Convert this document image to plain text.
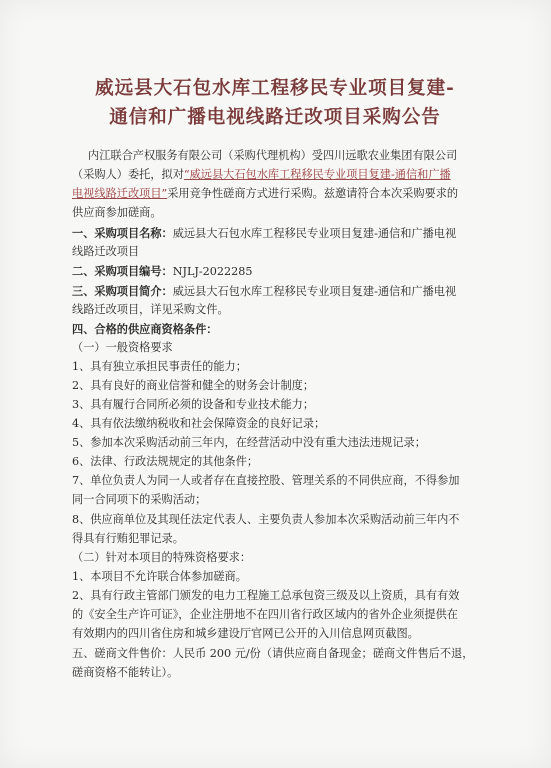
威远县大石包水库工程移民专业项目复建-
通信和广播电视线路迁改项目采购公告
内江联合产权服务有限公司（采购代理机构）受四川远歌农业集团有限公司
（采购人）委托，拟对“威远县大石包水库工程移民专业项目复建-通信和广播
电视线路迁改项目”采用竞争性磋商方式进行采购。兹邀请符合本次采购要求的
供应商参加磋商。
一、采购项目名称：威远县大石包水库工程移民专业项目复建-通信和广播电视
线路迁改项目
二、采购项目编号：NJLJ-2022285
三、采购项目简介：威远县大石包水库工程移民专业项目复建-通信和广播电视
线路迁改项目，详见采购文件。
四、合格的供应商资格条件：
（一）一般资格要求
1、具有独立承担民事责任的能力；
2、具有良好的商业信誉和健全的财务会计制度；
3、具有履行合同所必须的设备和专业技术能力；
4、具有依法缴纳税收和社会保障资金的良好记录；
5、参加本次采购活动前三年内，在经营活动中没有重大违法违规记录；
6、法律、行政法规规定的其他条件；
7、单位负责人为同一人或者存在直接控股、管理关系的不同供应商，不得参加
同一合同项下的采购活动；
8、供应商单位及其现任法定代表人、主要负责人参加本次采购活动前三年内不
得具有行贿犯罪记录。
（二）针对本项目的特殊资格要求：
1、本项目不允许联合体参加磋商。
2、具有行政主管部门颁发的电力工程施工总承包资三级及以上资质，具有有效
的《安全生产许可证》，企业注册地不在四川省行政区域内的省外企业须提供在
有效期内的四川省住房和城乡建设厅官网已公开的入川信息网页截图。
五、磋商文件售价：人民币 200 元/份（请供应商自备现金；磋商文件售后不退，
磋商资格不能转让）。
